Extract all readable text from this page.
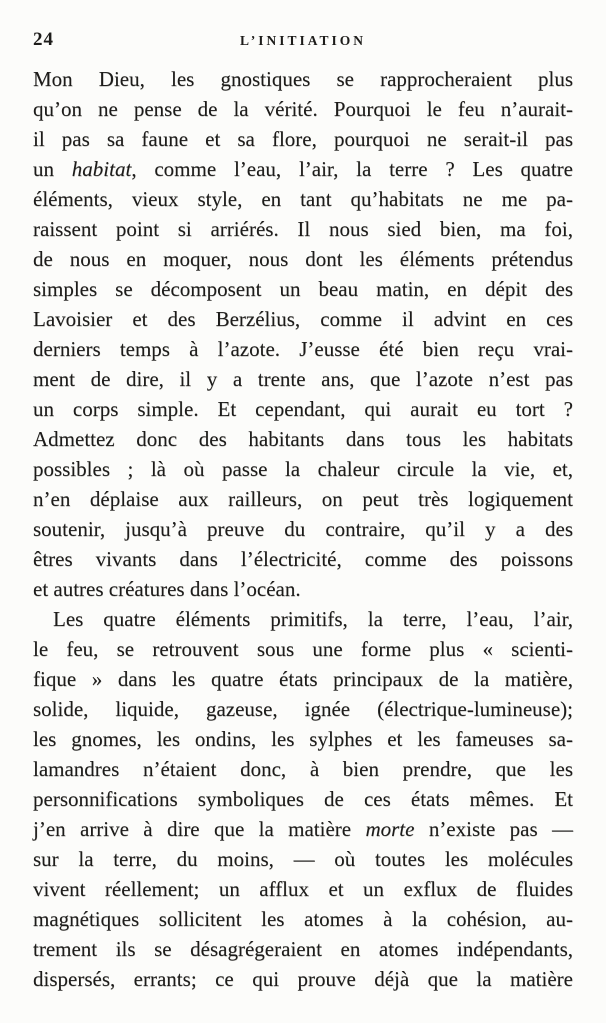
24	L’INITIATION
Mon Dieu, les gnostiques se rapprocheraient plus
qu’on ne pense de la vérité. Pourquoi le feu n’aurait-
il pas sa faune et sa flore, pourquoi ne serait-il pas
un habitat, comme l’eau, l’air, la terre ? Les quatre
éléments, vieux style, en tant qu’habitats ne me pa-
raissent point si arriérés. Il nous sied bien, ma foi,
de nous en moquer, nous dont les éléments prétendus
simples se décomposent un beau matin, en dépit des
Lavoisier et des Berzélius, comme il advint en ces
derniers temps à l’azote. J’eusse été bien reçu vrai-
ment de dire, il y a trente ans, que l’azote n’est pas
un corps simple. Et cependant, qui aurait eu tort ?
Admettez donc des habitants dans tous les habitats
possibles ; là où passe la chaleur circule la vie, et,
n’en déplaise aux railleurs, on peut très logiquement
soutenir, jusqu’à preuve du contraire, qu’il y a des
êtres vivants dans l’électricité, comme des poissons
et autres créatures dans l’océan.
Les quatre éléments primitifs, la terre, l’eau, l’air,
le feu, se retrouvent sous une forme plus « scienti-
fique » dans les quatre états principaux de la matière,
solide, liquide, gazeuse, ignée (électrique-lumineuse);
les gnomes, les ondins, les sylphes et les fameuses sa-
lamandres n’étaient donc, à bien prendre, que les
personnifications symboliques de ces états mêmes. Et
j’en arrive à dire que la matière morte n’existe pas —
sur la terre, du moins, — où toutes les molécules
vivent réellement; un afflux et un exflux de fluides
magnétiques sollicitent les atomes à la cohésion, au-
trement ils se désagrégeraient en atomes indépendants,
dispersés, errants; ce qui prouve déjà que la matière
